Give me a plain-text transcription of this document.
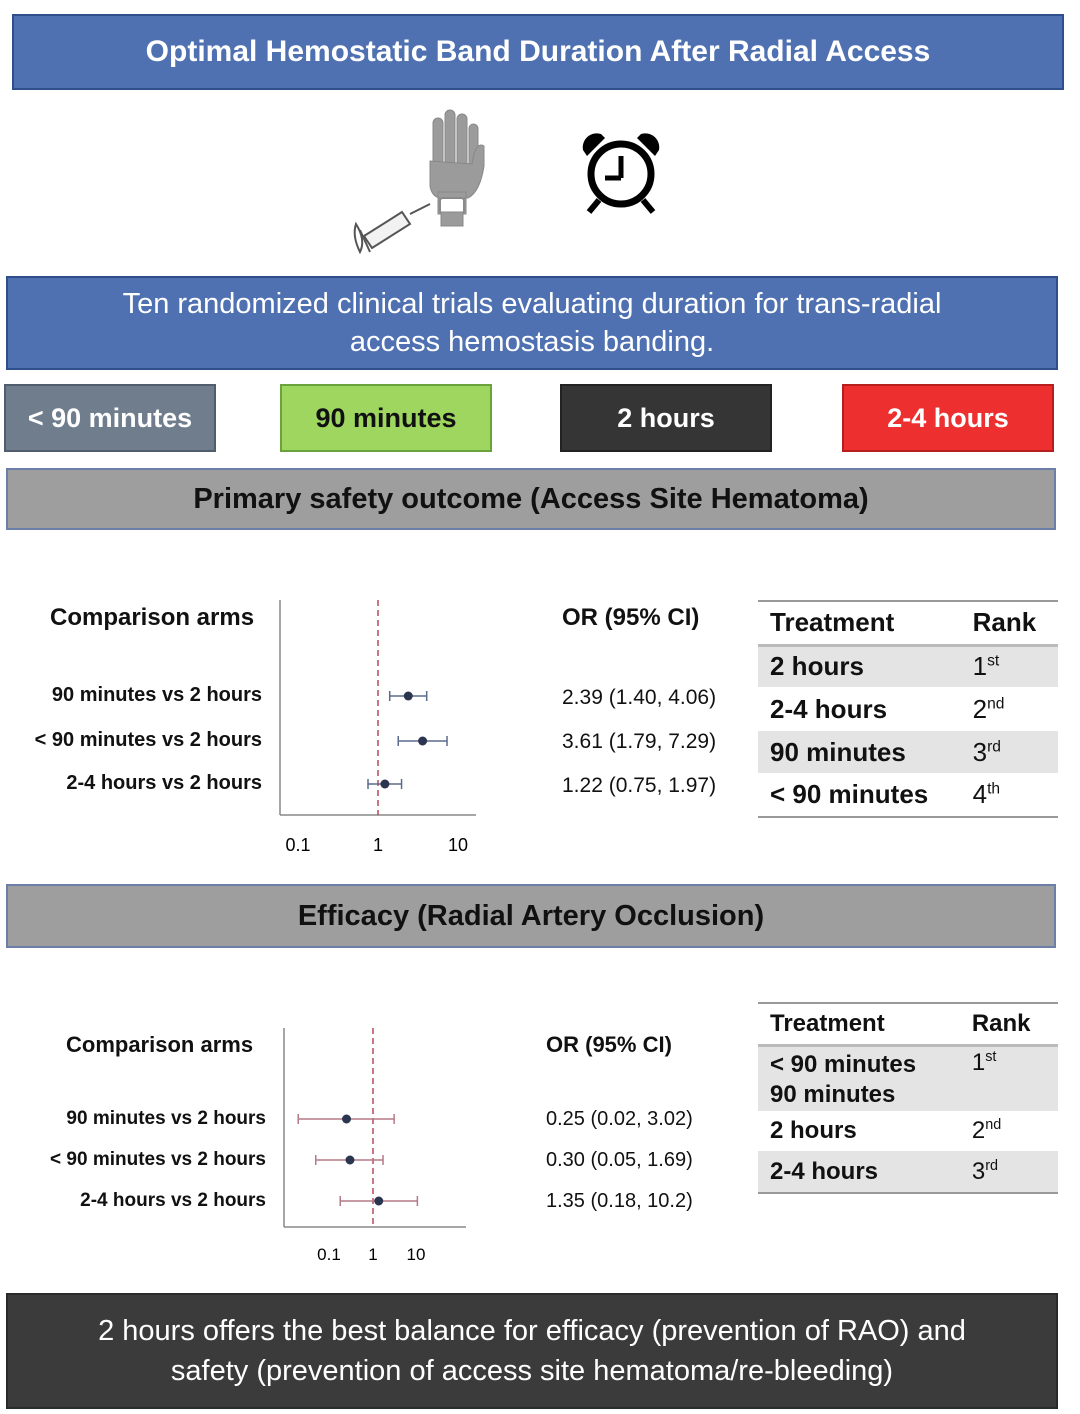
Optimal Hemostatic Band Duration After Radial Access
Ten randomized clinical trials evaluating duration for trans-radial
access hemostasis banding.
< 90 minutes	90 minutes	2 hours	2-4 hours
Primary safety outcome (Access Site Hematoma)
Comparison arms
90 minutes vs 2 hours
< 90 minutes vs 2 hours
2-4 hours vs 2 hours
0.1	1	10
OR (95% CI)
2.39 (1.40, 4.06)
3.61 (1.79, 7.29)
1.22 (0.75, 1.97)
Treatment	Rank
2 hours	1st
2-4 hours	2nd
90 minutes	3rd
< 90 minutes	4th
Efficacy (Radial Artery Occlusion)
Comparison arms
90 minutes vs 2 hours
< 90 minutes vs 2 hours
2-4 hours vs 2 hours
0.1 1 10
OR (95% CI)
0.25 (0.02, 3.02)
0.30 (0.05, 1.69)
1.35 (0.18, 10.2)
Treatment	Rank
< 90 minutes	1st
90 minutes	
2 hours	2nd
2-4 hours	3rd
2 hours offers the best balance for efficacy (prevention of RAO) and
safety (prevention of access site hematoma/re-bleeding)
